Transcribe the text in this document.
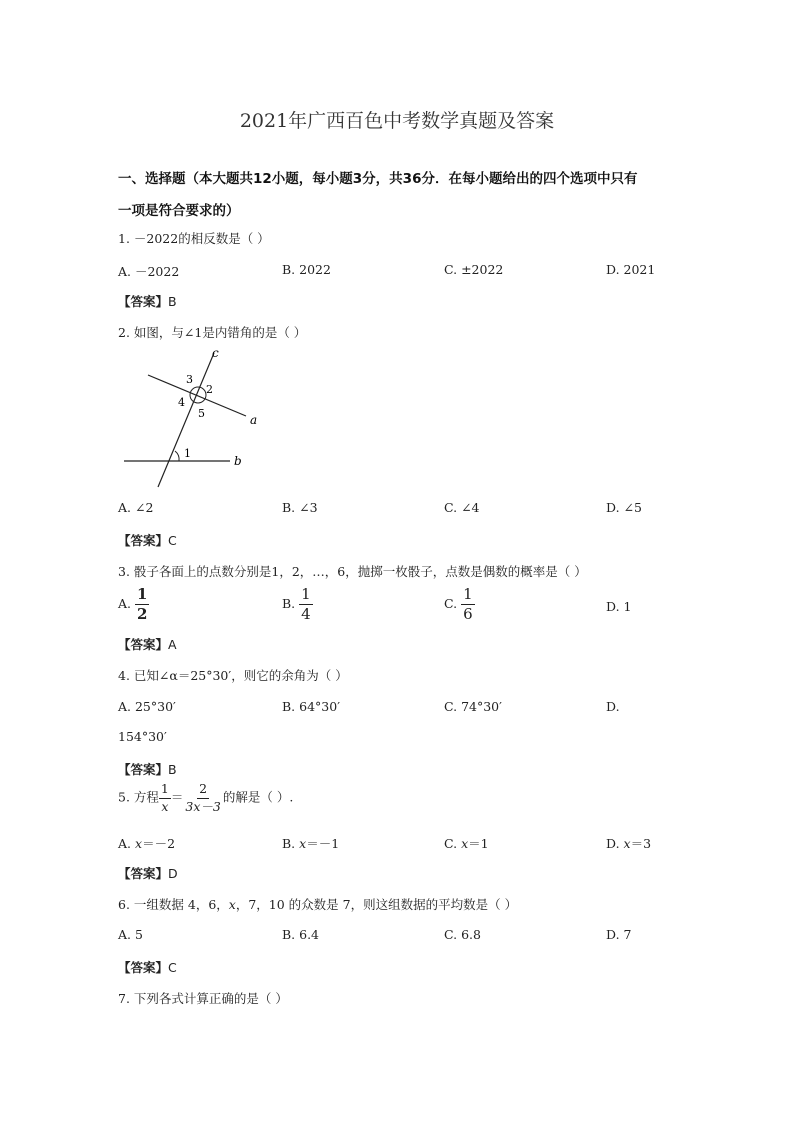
2021年广西百色中考数学真题及答案
一、选择题（本大题共12小题，每小题3分，共36分．在每小题给出的四个选项中只有
一项是符合要求的）
1. －2022的相反数是（ ）
A. －2022	B. 2022	C. ±2022	D. 2021
【答案】B
2. 如图，与∠1是内错角的是（ ）
c
a
b
1
2
3
4
5
A. ∠2	B. ∠3	C. ∠4	D. ∠5
【答案】C
3. 骰子各面上的点数分别是1，2，…，6，抛掷一枚骰子，点数是偶数的概率是（ ）
A. $\frac{1}{2}$	B. $\frac{1}{4}$	C. $\frac{1}{6}$	D. 1
【答案】A
4. 已知∠α＝25°30′，则它的余角为（ ）
A. 25°30′	B. 64°30′	C. 74°30′	D.
154°30′
【答案】B
5. 方程 $\frac{1}{x} = \frac{2}{3x-3}$ 的解是（ ）.
A. x＝－2	B. x＝－1	C. x＝1	D. x＝3
【答案】D
6. 一组数据 4，6，x，7，10 的众数是 7，则这组数据的平均数是（ ）
A. 5	B. 6.4	C. 6.8	D. 7
【答案】C
7. 下列各式计算正确的是（ ）
